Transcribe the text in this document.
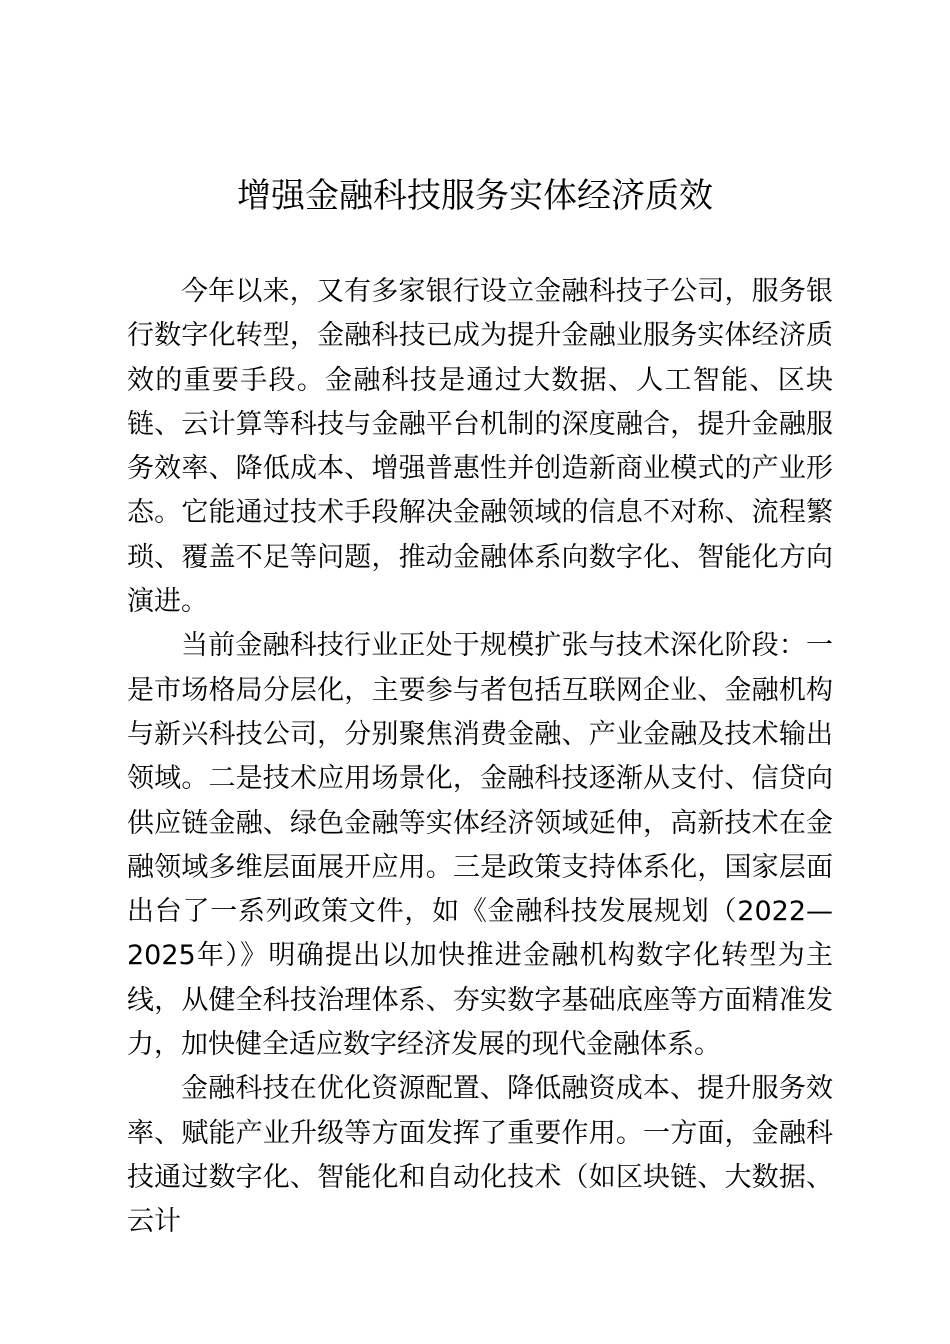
增强金融科技服务实体经济质效

今年以来，又有多家银行设立金融科技子公司，服务银行数字化转型，金融科技已成为提升金融业服务实体经济质效的重要手段。金融科技是通过大数据、人工智能、区块链、云计算等科技与金融平台机制的深度融合，提升金融服务效率、降低成本、增强普惠性并创造新商业模式的产业形态。它能通过技术手段解决金融领域的信息不对称、流程繁琐、覆盖不足等问题，推动金融体系向数字化、智能化方向演进。

当前金融科技行业正处于规模扩张与技术深化阶段：一是市场格局分层化，主要参与者包括互联网企业、金融机构与新兴科技公司，分别聚焦消费金融、产业金融及技术输出领域。二是技术应用场景化，金融科技逐渐从支付、信贷向供应链金融、绿色金融等实体经济领域延伸，高新技术在金融领域多维层面展开应用。三是政策支持体系化，国家层面出台了一系列政策文件，如《金融科技发展规划（2022—2025年）》明确提出以加快推进金融机构数字化转型为主线，从健全科技治理体系、夯实数字基础底座等方面精准发力，加快健全适应数字经济发展的现代金融体系。

金融科技在优化资源配置、降低融资成本、提升服务效率、赋能产业升级等方面发挥了重要作用。一方面，金融科技通过数字化、智能化和自动化技术（如区块链、大数据、云计
